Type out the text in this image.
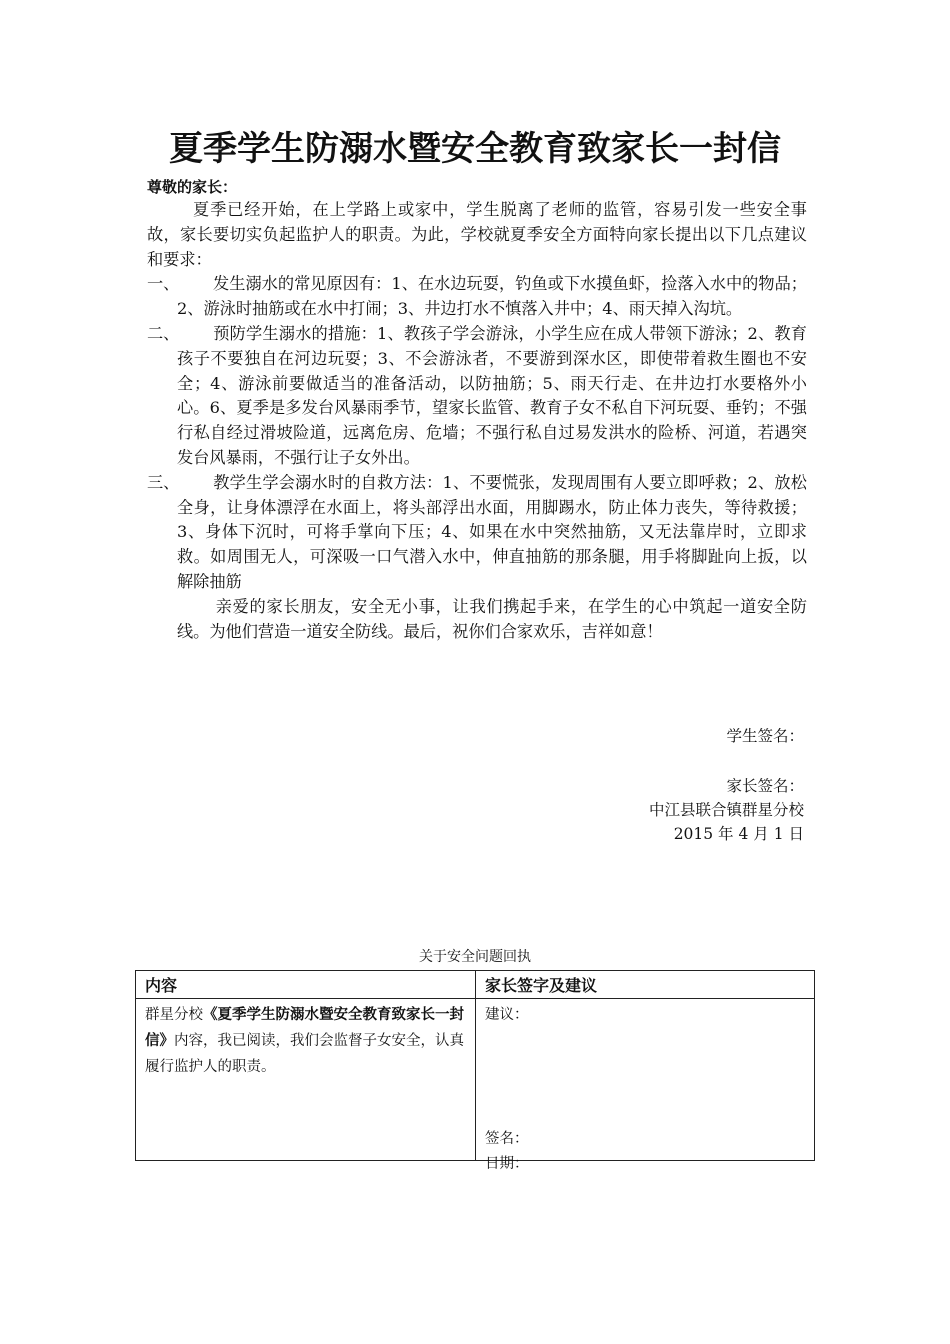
夏季学生防溺水暨安全教育致家长一封信
尊敬的家长：

夏季已经开始，在上学路上或家中，学生脱离了老师的监管，容易引发一些安全事故，家长要切实负起监护人的职责。为此，学校就夏季安全方面特向家长提出以下几点建议和要求：

一、 发生溺水的常见原因有：1、在水边玩耍，钓鱼或下水摸鱼虾，捡落入水中的物品；2、游泳时抽筋或在水中打闹；3、井边打水不慎落入井中；4、雨天掉入沟坑。

二、 预防学生溺水的措施：1、教孩子学会游泳，小学生应在成人带领下游泳；2、教育孩子不要独自在河边玩耍；3、不会游泳者，不要游到深水区，即使带着救生圈也不安全；4、游泳前要做适当的准备活动，以防抽筋；5、雨天行走、在井边打水要格外小心。6、夏季是多发台风暴雨季节，望家长监管、教育子女不私自下河玩耍、垂钓；不强行私自经过滑坡险道，远离危房、危墙；不强行私自过易发洪水的险桥、河道，若遇突发台风暴雨，不强行让子女外出。

三、 教学生学会溺水时的自救方法：1、不要慌张，发现周围有人要立即呼救；2、放松全身，让身体漂浮在水面上，将头部浮出水面，用脚踢水，防止体力丧失，等待救援；3、身体下沉时，可将手掌向下压；4、如果在水中突然抽筋，又无法靠岸时，立即求救。如周围无人，可深吸一口气潜入水中，伸直抽筋的那条腿，用手将脚趾向上扳，以解除抽筋

亲爱的家长朋友，安全无小事，让我们携起手来，在学生的心中筑起一道安全防线。为他们营造一道安全防线。最后，祝你们合家欢乐，吉祥如意！

学生签名：
家长签名：
中江县联合镇群星分校
2015 年 4 月 1 日
关于安全问题回执
内容	家长签字及建议
群星分校《夏季学生防溺水暨安全教育致家长一封信》内容，我已阅读，我们会监督子女安全，认真履行监护人的职责。	建议：
签名：
日期：
